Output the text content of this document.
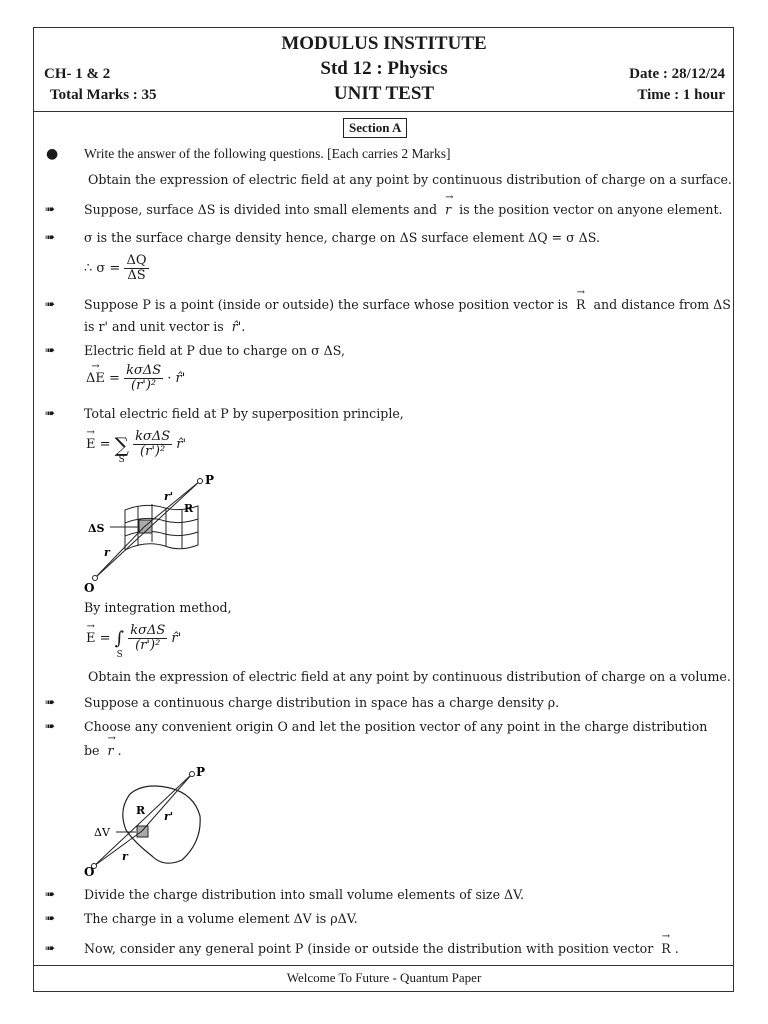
MODULUS INSTITUTE
Std 12 : Physics
UNIT TEST
CH- 1 & 2
Total Marks : 35
Date : 28/12/24
Time : 1 hour
Section A
● Write the answer of the following questions. [Each carries 2 Marks]
Obtain the expression of electric field at any point by continuous distribution of charge on a surface.
➠ Suppose, surface ΔS is divided into small elements and → r is the position vector on anyone element.
➠ σ is the surface charge density hence, charge on ΔS surface element ΔQ = σ ΔS.
∴ $\sigma = \frac{\Delta Q}{\Delta S}$
➠ Suppose P is a point (inside or outside) the surface whose position vector is → R and distance from ΔS
is r' and unit vector is r̂'.
➠ Electric field at P due to charge on σ ΔS,
→ $\Delta E = \frac{\text{kσΔS}}{\text{(r')²}}$ · r̂'
➠ Total electric field at P by superposition principle,
→ E = ∑
S

$\frac{\text{kσΔS}}{\text{(r')²}}$ r̂'
P
O
r'
R
ΔS
r
By integration method,
→ E = ∫
S

$\frac{\text{kσΔS}}{\text{(r')²}}$ r̂'
Obtain the expression of electric field at any point by continuous distribution of charge on a volume.
➠ Suppose a continuous charge distribution in space has a charge density ρ.
➠ Choose any convenient origin O and let the position vector of any point in the charge distribution
be → r .
P
O
r'
R
ΔV
r
➠ Divide the charge distribution into small volume elements of size ΔV.
➠ The charge in a volume element ΔV is ρΔV.
➠ Now, consider any general point P (inside or outside the distribution with position vector → R .
Welcome To Future - Quantum Paper
